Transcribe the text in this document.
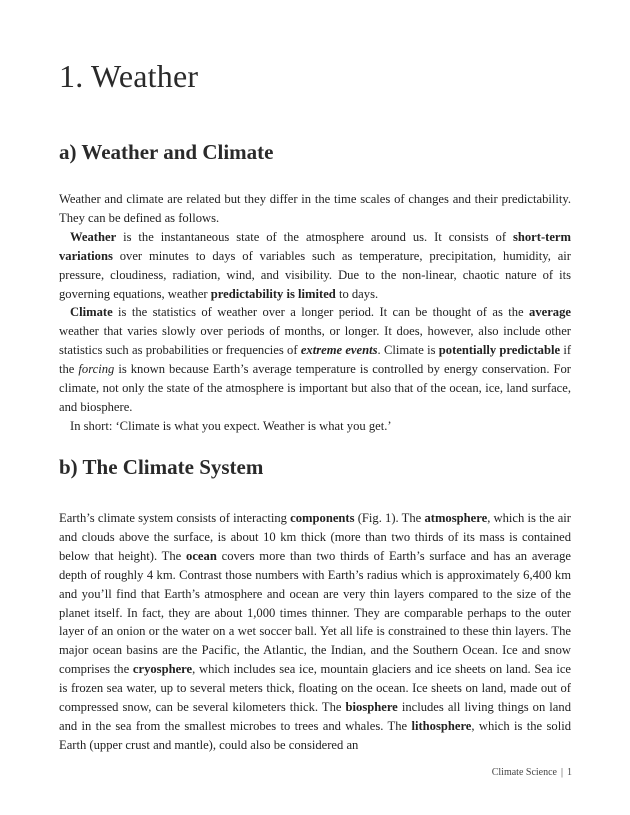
1. Weather
a) Weather and Climate

Weather and climate are related but they differ in the time scales of changes and their predictability. They can be defined as follows.

Weather is the instantaneous state of the atmosphere around us. It consists of short-term variations over minutes to days of variables such as temperature, precipitation, humidity, air pressure, cloudiness, radiation, wind, and visibility. Due to the non-linear, chaotic nature of its governing equations, weather predictability is limited to days.

Climate is the statistics of weather over a longer period. It can be thought of as the average weather that varies slowly over periods of months, or longer. It does, however, also include other statistics such as probabilities or frequencies of extreme events. Climate is potentially predictable if the forcing is known because Earth’s average temperature is controlled by energy conservation. For climate, not only the state of the atmosphere is important but also that of the ocean, ice, land surface, and biosphere.

In short: ‘Climate is what you expect. Weather is what you get.’

b) The Climate System

Earth’s climate system consists of interacting components (Fig. 1). The atmosphere, which is the air and clouds above the surface, is about 10 km thick (more than two thirds of its mass is contained below that height). The ocean covers more than two thirds of Earth’s surface and has an average depth of roughly 4 km. Contrast those numbers with Earth’s radius which is approximately 6,400 km and you’ll find that Earth’s atmosphere and ocean are very thin layers compared to the size of the planet itself. In fact, they are about 1,000 times thinner. They are comparable perhaps to the outer layer of an onion or the water on a wet soccer ball. Yet all life is constrained to these thin layers. The major ocean basins are the Pacific, the Atlantic, the Indian, and the Southern Ocean. Ice and snow comprises the cryosphere, which includes sea ice, mountain glaciers and ice sheets on land. Sea ice is frozen sea water, up to several meters thick, floating on the ocean. Ice sheets on land, made out of compressed snow, can be several kilometers thick. The biosphere includes all living things on land and in the sea from the smallest microbes to trees and whales. The lithosphere, which is the solid Earth (upper crust and mantle), could also be considered an

Climate Science | 1
